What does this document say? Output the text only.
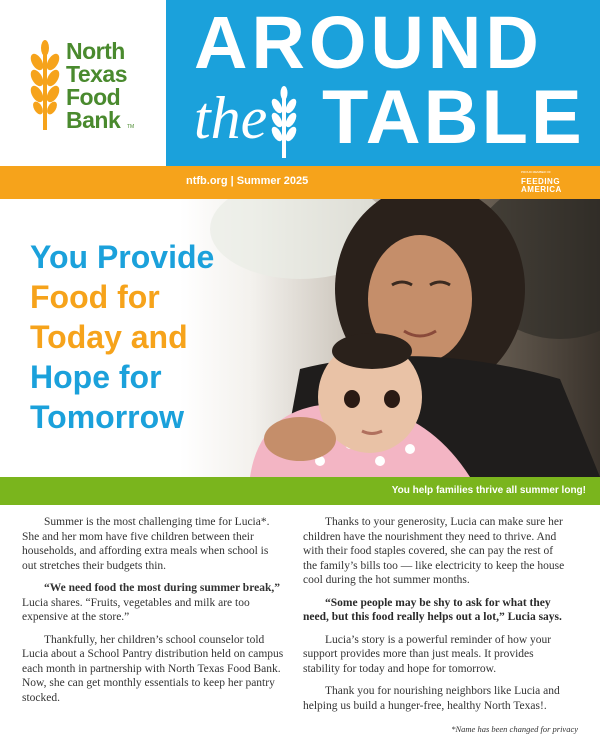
North
Texas
Food
Bank	TM
AROUND
the TABLE
ntfb.org | Summer 2025
PROUD MEMBER OF
FEEDING
AMERICA
You Provide
Food for
Today and
Hope for
Tomorrow
You help families thrive all summer long!

Summer is the most challenging time for Lucia*. She and her mom have five children between their households, and affording extra meals when school is out stretches their budgets thin.

“We need food the most during summer break,” Lucia shares. “Fruits, vegetables and milk are too expensive at the store.”

Thankfully, her children’s school counselor told Lucia about a School Pantry distribution held on campus each month in partnership with North Texas Food Bank. Now, she can get monthly essentials to keep her pantry stocked.

Thanks to your generosity, Lucia can make sure her children have the nourishment they need to thrive. And with their food staples covered, she can pay the rest of the family’s bills too — like electricity to keep the house cool during the hot summer months.

“Some people may be shy to ask for what they need, but this food really helps out a lot,” Lucia says.

Lucia’s story is a powerful reminder of how your support provides more than just meals. It provides stability for today and hope for tomorrow.

Thank you for nourishing neighbors like Lucia and helping us build a hunger-free, healthy North Texas!.

*Name has been changed for privacy
